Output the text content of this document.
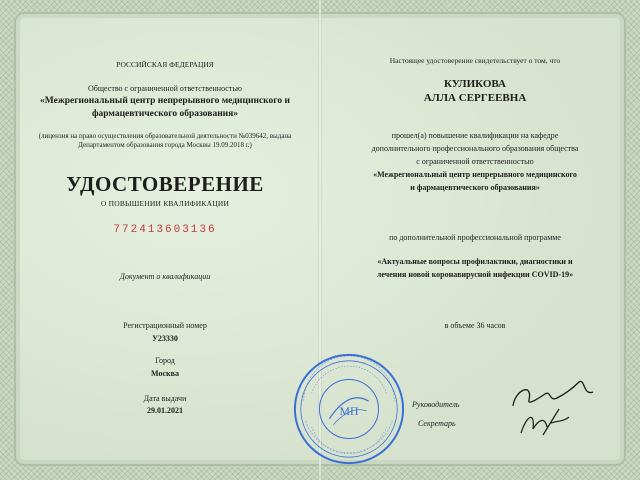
РОССИЙСКАЯ ФЕДЕРАЦИЯ
Общество с ограниченной ответственностью
«Межрегиональный центр непрерывного медицинского и
фармацевтического образования»
(лицензия на право осуществления образовательной деятельности №039642, выдана
Департаментом образования города Москвы 19.09.2018 г.)
УДОСТОВЕРЕНИЕ
О ПОВЫШЕНИИ КВАЛИФИКАЦИИ
772413603136
Документ о квалификации
Регистрационный номер
У23330
Город
Москва
Дата выдачи
29.01.2021
Настоящее удостоверение свидетельствует о том, что
КУЛИКОВА
АЛЛА СЕРГЕЕВНА
прошел(а) повышение квалификации на кафедре
дополнительного профессионального образования общества
с ограниченной ответственностью
«Межрегиональный центр непрерывного медицинского
и фармацевтического образования»
по дополнительной профессиональной программе
«Актуальные вопросы профилактики, диагностики и
лечения новой коронавирусной инфекции COVID-19»
в объеме 36 часов
Руководитель
Секретарь
МП
